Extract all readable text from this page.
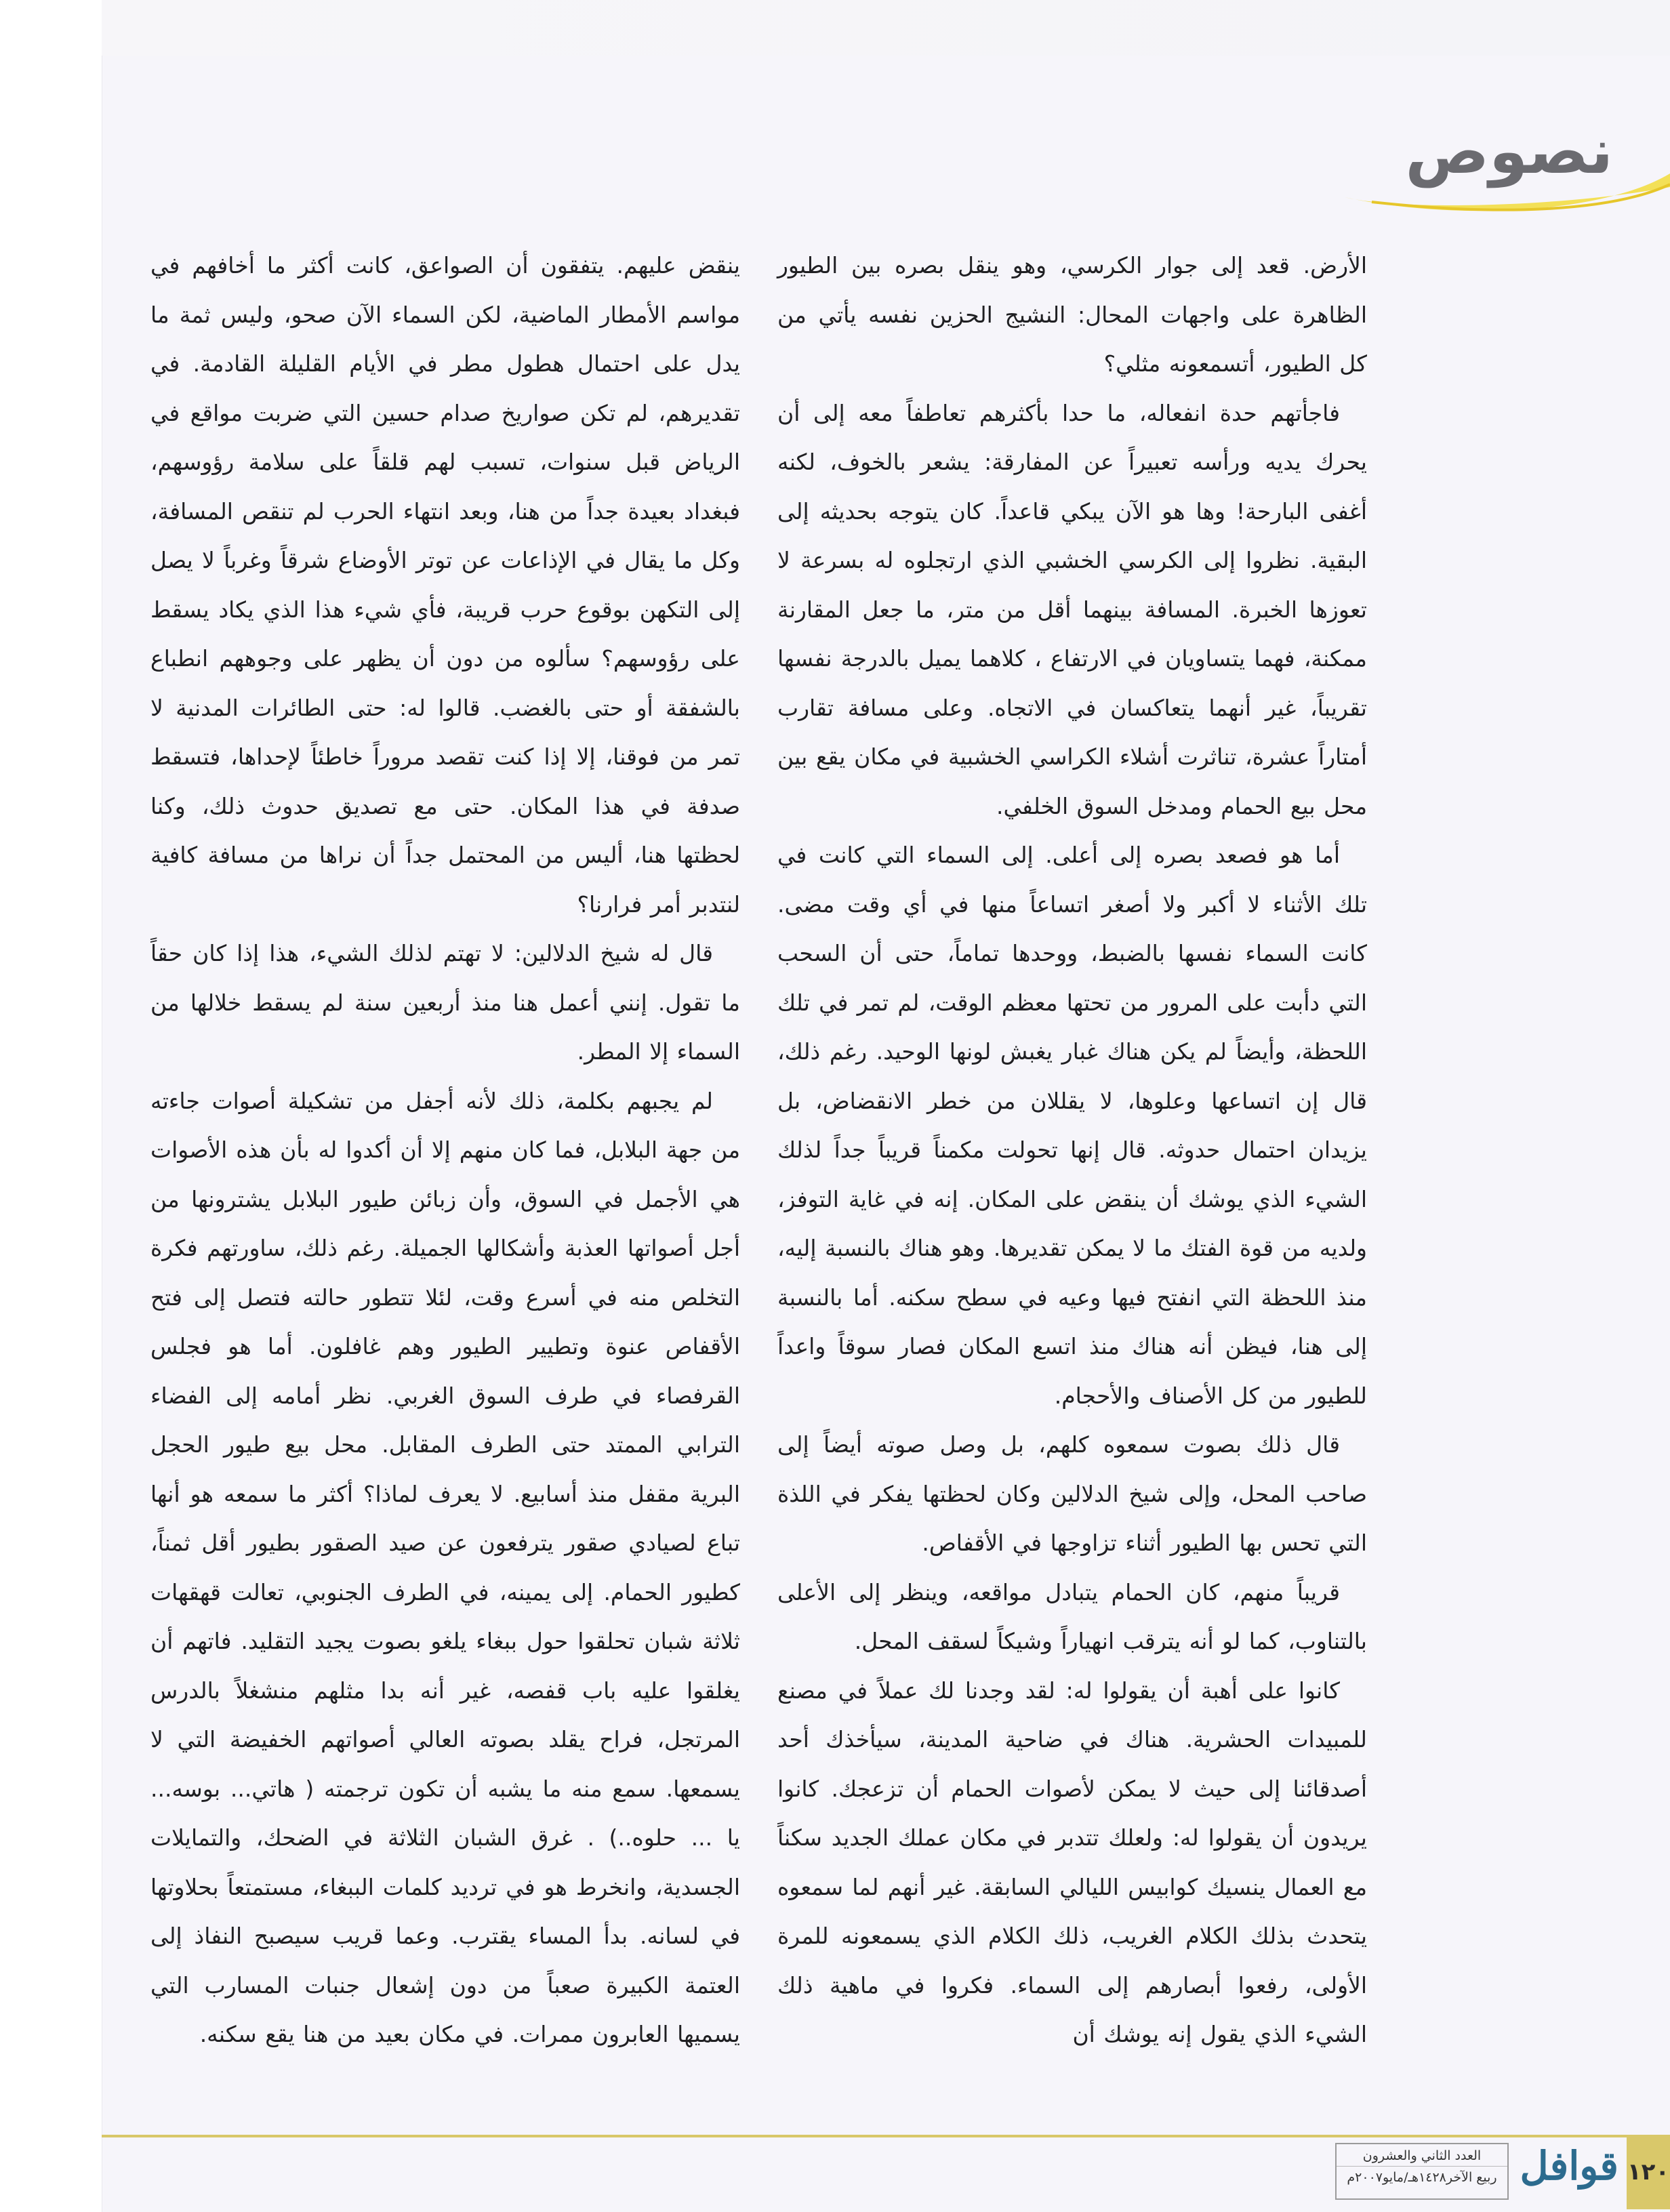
نصوص

الأرض. قعد إلى جوار الكرسي، وهو ينقل بصره بين الطيور الظاهرة على واجهات المحال: النشيج الحزين نفسه يأتي من كل الطيور، أتسمعونه مثلي؟

فاجأتهم حدة انفعاله، ما حدا بأكثرهم تعاطفاً معه إلى أن يحرك يديه ورأسه تعبيراً عن المفارقة: يشعر بالخوف، لكنه أغفى البارحة! وها هو الآن يبكي قاعداً. كان يتوجه بحديثه إلى البقية. نظروا إلى الكرسي الخشبي الذي ارتجلوه له بسرعة لا تعوزها الخبرة. المسافة بينهما أقل من متر، ما جعل المقارنة ممكنة، فهما يتساويان في الارتفاع ، كلاهما يميل بالدرجة نفسها تقريباً، غير أنهما يتعاكسان في الاتجاه. وعلى مسافة تقارب أمتاراً عشرة، تناثرت أشلاء الكراسي الخشبية في مكان يقع بين محل بيع الحمام ومدخل السوق الخلفي.

أما هو فصعد بصره إلى أعلى. إلى السماء التي كانت في تلك الأثناء لا أكبر ولا أصغر اتساعاً منها في أي وقت مضى. كانت السماء نفسها بالضبط، ووحدها تماماً، حتى أن السحب التي دأبت على المرور من تحتها معظم الوقت، لم تمر في تلك اللحظة، وأيضاً لم يكن هناك غبار يغبش لونها الوحيد. رغم ذلك، قال إن اتساعها وعلوها، لا يقللان من خطر الانقضاض، بل يزيدان احتمال حدوثه. قال إنها تحولت مكمناً قريباً جداً لذلك الشيء الذي يوشك أن ينقض على المكان. إنه في غاية التوفز، ولديه من قوة الفتك ما لا يمكن تقديرها. وهو هناك بالنسبة إليه، منذ اللحظة التي انفتح فيها وعيه في سطح سكنه. أما بالنسبة إلى هنا، فيظن أنه هناك منذ اتسع المكان فصار سوقاً واعداً للطيور من كل الأصناف والأحجام.

قال ذلك بصوت سمعوه كلهم، بل وصل صوته أيضاً إلى صاحب المحل، وإلى شيخ الدلالين وكان لحظتها يفكر في اللذة التي تحس بها الطيور أثناء تزاوجها في الأقفاص.

قريباً منهم، كان الحمام يتبادل مواقعه، وينظر إلى الأعلى بالتناوب، كما لو أنه يترقب انهياراً وشيكاً لسقف المحل.

كانوا على أهبة أن يقولوا له: لقد وجدنا لك عملاً في مصنع للمبيدات الحشرية. هناك في ضاحية المدينة، سيأخذك أحد أصدقائنا إلى حيث لا يمكن لأصوات الحمام أن تزعجك. كانوا يريدون أن يقولوا له: ولعلك تتدبر في مكان عملك الجديد سكناً مع العمال ينسيك كوابيس الليالي السابقة. غير أنهم لما سمعوه يتحدث بذلك الكلام الغريب، ذلك الكلام الذي يسمعونه للمرة الأولى، رفعوا أبصارهم إلى السماء. فكروا في ماهية ذلك الشيء الذي يقول إنه يوشك أن

ينقض عليهم. يتفقون أن الصواعق، كانت أكثر ما أخافهم في مواسم الأمطار الماضية، لكن السماء الآن صحو، وليس ثمة ما يدل على احتمال هطول مطر في الأيام القليلة القادمة. في تقديرهم، لم تكن صواريخ صدام حسين التي ضربت مواقع في الرياض قبل سنوات، تسبب لهم قلقاً على سلامة رؤوسهم، فبغداد بعيدة جداً من هنا، وبعد انتهاء الحرب لم تنقص المسافة، وكل ما يقال في الإذاعات عن توتر الأوضاع شرقاً وغرباً لا يصل إلى التكهن بوقوع حرب قريبة، فأي شيء هذا الذي يكاد يسقط على رؤوسهم؟ سألوه من دون أن يظهر على وجوههم انطباع بالشفقة أو حتى بالغضب. قالوا له: حتى الطائرات المدنية لا تمر من فوقنا، إلا إذا كنت تقصد مروراً خاطئاً لإحداها، فتسقط صدفة في هذا المكان. حتى مع تصديق حدوث ذلك، وكنا لحظتها هنا، أليس من المحتمل جداً أن نراها من مسافة كافية لنتدبر أمر فرارنا؟

قال له شيخ الدلالين: لا تهتم لذلك الشيء، هذا إذا كان حقاً ما تقول. إنني أعمل هنا منذ أربعين سنة لم يسقط خلالها من السماء إلا المطر.

لم يجبهم بكلمة، ذلك لأنه أجفل من تشكيلة أصوات جاءته من جهة البلابل، فما كان منهم إلا أن أكدوا له بأن هذه الأصوات هي الأجمل في السوق، وأن زبائن طيور البلابل يشترونها من أجل أصواتها العذبة وأشكالها الجميلة. رغم ذلك، ساورتهم فكرة التخلص منه في أسرع وقت، لئلا تتطور حالته فتصل إلى فتح الأقفاص عنوة وتطيير الطيور وهم غافلون. أما هو فجلس القرفصاء في طرف السوق الغربي. نظر أمامه إلى الفضاء الترابي الممتد حتى الطرف المقابل. محل بيع طيور الحجل البرية مقفل منذ أسابيع. لا يعرف لماذا؟ أكثر ما سمعه هو أنها تباع لصيادي صقور يترفعون عن صيد الصقور بطيور أقل ثمناً، كطيور الحمام. إلى يمينه، في الطرف الجنوبي، تعالت قهقهات ثلاثة شبان تحلقوا حول ببغاء يلغو بصوت يجيد التقليد. فاتهم أن يغلقوا عليه باب قفصه، غير أنه بدا مثلهم منشغلاً بالدرس المرتجل، فراح يقلد بصوته العالي أصواتهم الخفيضة التي لا يسمعها. سمع منه ما يشبه أن تكون ترجمته ( هاتي... بوسه... يا ... حلوه..) . غرق الشبان الثلاثة في الضحك، والتمايلات الجسدية، وانخرط هو في ترديد كلمات الببغاء، مستمتعاً بحلاوتها في لسانه. بدأ المساء يقترب. وعما قريب سيصبح النفاذ إلى العتمة الكبيرة صعباً من دون إشعال جنبات المسارب التي يسميها العابرون ممرات. في مكان بعيد من هنا يقع سكنه.

١٢٠
قوافل
العدد الثاني والعشرون
ربيع الآخر١٤٢٨هـ/مايو٢٠٠٧م
